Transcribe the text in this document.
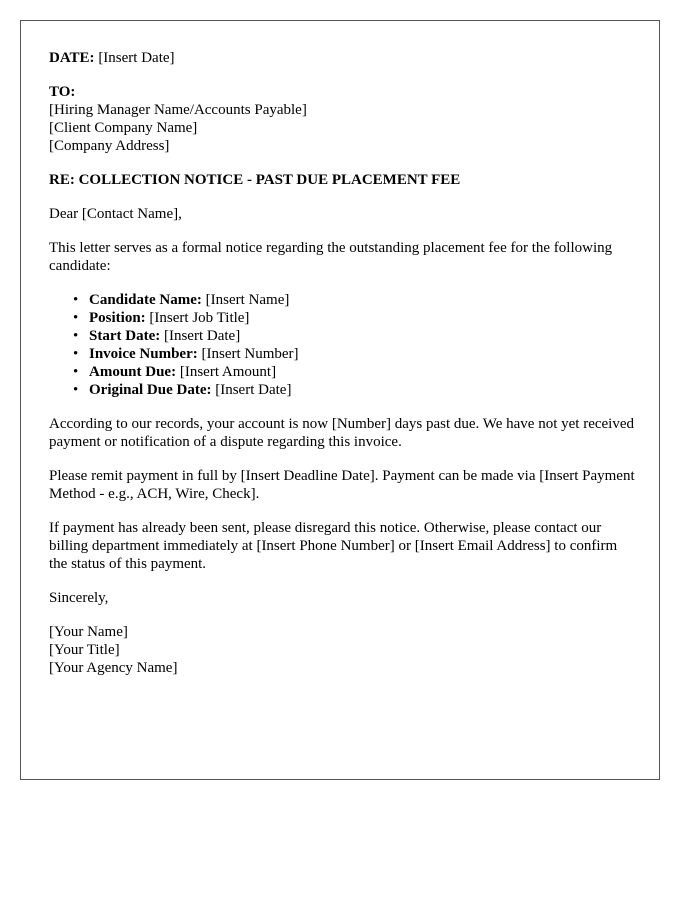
DATE: [Insert Date]

TO:
[Hiring Manager Name/Accounts Payable]
[Client Company Name]
[Company Address]

RE: COLLECTION NOTICE - PAST DUE PLACEMENT FEE

Dear [Contact Name],

This letter serves as a formal notice regarding the outstanding placement fee for the following candidate:

• Candidate Name: [Insert Name]
• Position: [Insert Job Title]
• Start Date: [Insert Date]
• Invoice Number: [Insert Number]
• Amount Due: [Insert Amount]
• Original Due Date: [Insert Date]

According to our records, your account is now [Number] days past due. We have not yet received payment or notification of a dispute regarding this invoice.

Please remit payment in full by [Insert Deadline Date]. Payment can be made via [Insert Payment Method - e.g., ACH, Wire, Check].

If payment has already been sent, please disregard this notice. Otherwise, please contact our billing department immediately at [Insert Phone Number] or [Insert Email Address] to confirm the status of this payment.

Sincerely,

[Your Name]
[Your Title]
[Your Agency Name]
